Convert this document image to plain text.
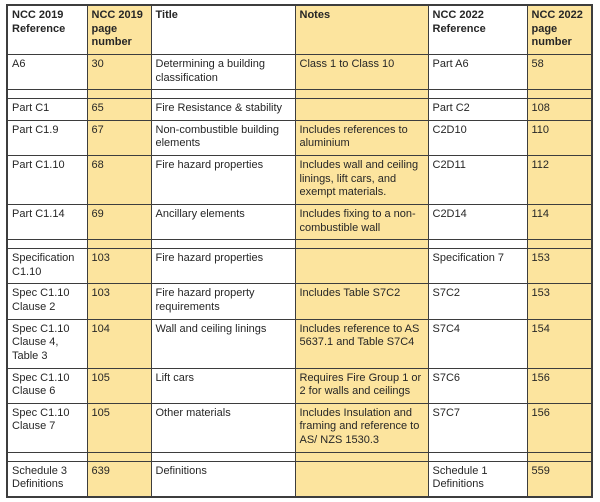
NCC 2019 Reference	NCC 2019 page number	Title	Notes	NCC 2022 Reference	NCC 2022 page number
A6	30	Determining a building classification	Class 1 to Class 10	Part A6	58

Part C1	65	Fire Resistance & stability		Part C2	108
Part C1.9	67	Non-combustible building elements	Includes references to aluminium	C2D10	110
Part C1.10	68	Fire hazard properties	Includes wall and ceiling linings, lift cars, and exempt materials.	C2D11	112
Part C1.14	69	Ancillary elements	Includes fixing to a non-combustible wall	C2D14	114

Specification C1.10	103	Fire hazard properties		Specification 7	153
Spec C1.10 Clause 2	103	Fire hazard property requirements	Includes Table S7C2	S7C2	153
Spec C1.10 Clause 4, Table 3	104	Wall and ceiling linings	Includes reference to AS 5637.1 and Table S7C4	S7C4	154
Spec C1.10 Clause 6	105	Lift cars	Requires Fire Group 1 or 2 for walls and ceilings	S7C6	156
Spec C1.10 Clause 7	105	Other materials	Includes Insulation and framing and reference to AS/ NZS 1530.3	S7C7	156

Schedule 3 Definitions	639	Definitions		Schedule 1 Definitions	559
